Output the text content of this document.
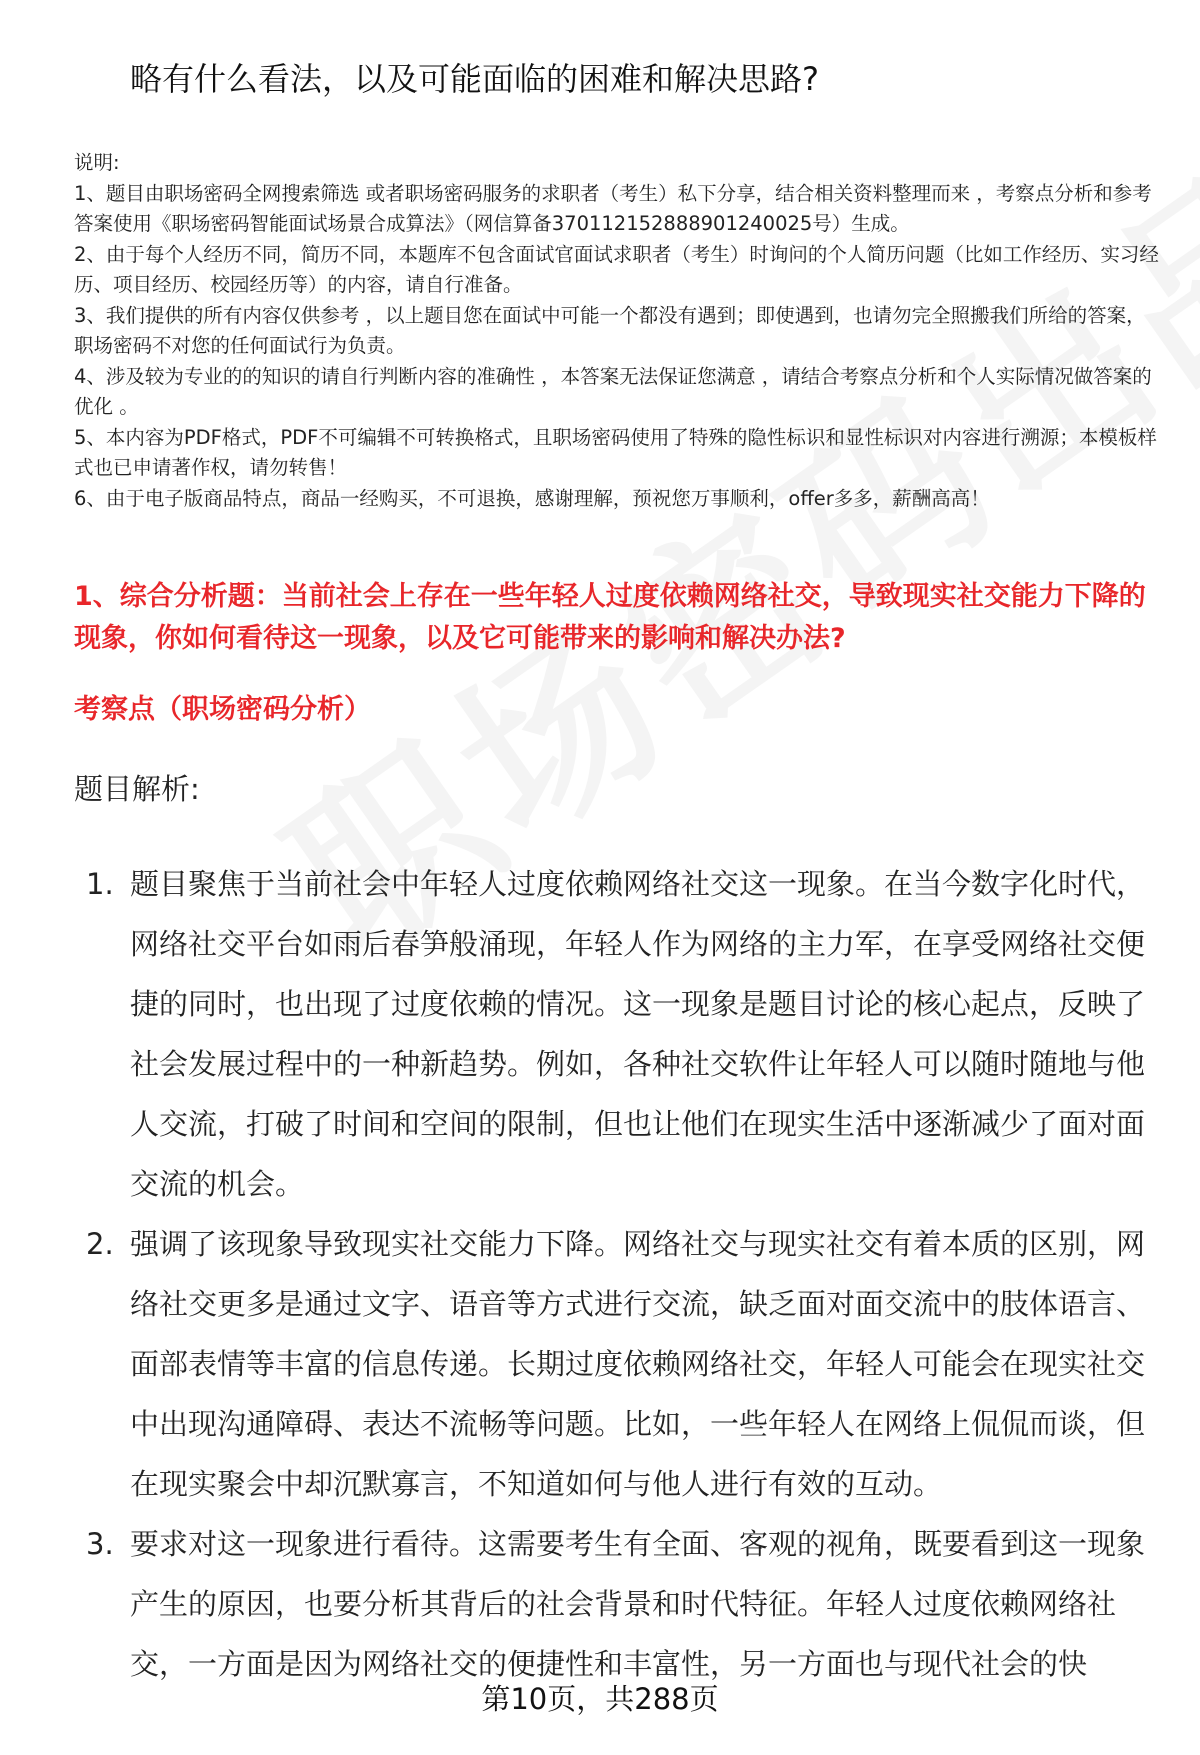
略有什么看法，以及可能面临的困难和解决思路?

说明:

1、题目由职场密码全网搜索筛选 或者职场密码服务的求职者（考生）私下分享，结合相关资料整理而来 ，考察点分析和参考答案使用《职场密码智能面试场景合成算法》（网信算备370112152888901240025号）生成。

2、由于每个人经历不同，简历不同，本题库不包含面试官面试求职者（考生）时询问的个人简历问题（比如工作经历、实习经历、项目经历、校园经历等）的内容，请自行准备。

3、我们提供的所有内容仅供参考 ，以上题目您在面试中可能一个都没有遇到；即使遇到，也请勿完全照搬我们所给的答案，职场密码不对您的任何面试行为负责。

4、涉及较为专业的的知识的请自行判断内容的准确性 ，本答案无法保证您满意 ，请结合考察点分析和个人实际情况做答案的优化 。

5、本内容为PDF格式，PDF不可编辑不可转换格式，且职场密码使用了特殊的隐性标识和显性标识对内容进行溯源；本模板样式也已申请著作权，请勿转售！

6、由于电子版商品特点，商品一经购买，不可退换，感谢理解，预祝您万事顺利，offer多多，薪酬高高！

1、综合分析题：当前社会上存在一些年轻人过度依赖网络社交，导致现实社交能力下降的现象，你如何看待这一现象，以及它可能带来的影响和解决办法?

考察点（职场密码分析）

题目解析:

1. 题目聚焦于当前社会中年轻人过度依赖网络社交这一现象。在当今数字化时代，网络社交平台如雨后春笋般涌现，年轻人作为网络的主力军，在享受网络社交便捷的同时，也出现了过度依赖的情况。这一现象是题目讨论的核心起点，反映了社会发展过程中的一种新趋势。例如，各种社交软件让年轻人可以随时随地与他人交流，打破了时间和空间的限制，但也让他们在现实生活中逐渐减少了面对面交流的机会。
2. 强调了该现象导致现实社交能力下降。网络社交与现实社交有着本质的区别，网络社交更多是通过文字、语音等方式进行交流，缺乏面对面交流中的肢体语言、面部表情等丰富的信息传递。长期过度依赖网络社交，年轻人可能会在现实社交中出现沟通障碍、表达不流畅等问题。比如，一些年轻人在网络上侃侃而谈，但在现实聚会中却沉默寡言，不知道如何与他人进行有效的互动。
3. 要求对这一现象进行看待。这需要考生有全面、客观的视角，既要看到这一现象产生的原因，也要分析其背后的社会背景和时代特征。年轻人过度依赖网络社交，一方面是因为网络社交的便捷性和丰富性，另一方面也与现代社会的快
第10页，共288页
